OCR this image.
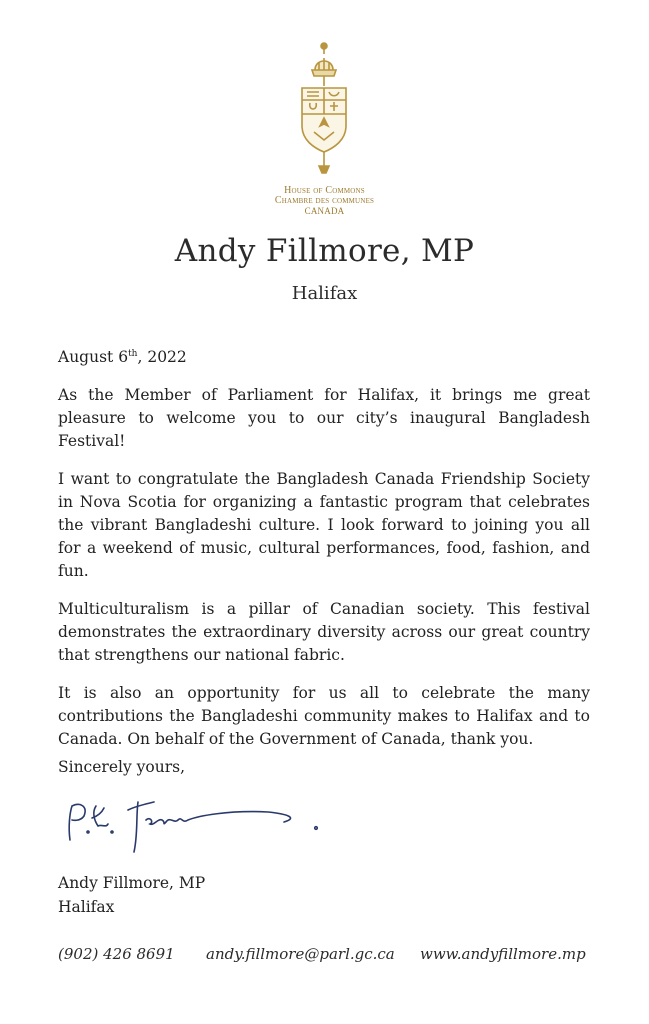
House of Commons
Chambre des communes
CANADA
Andy Fillmore, MP
Halifax

August 6th, 2022

As the Member of Parliament for Halifax, it brings me great pleasure to welcome you to our city’s inaugural Bangladesh Festival!

I want to congratulate the Bangladesh Canada Friendship Society in Nova Scotia for organizing a fantastic program that celebrates the vibrant Bangladeshi culture. I look forward to joining you all for a weekend of music, cultural performances, food, fashion, and fun.

Multiculturalism is a pillar of Canadian society. This festival demonstrates the extraordinary diversity across our great country that strengthens our national fabric.

It is also an opportunity for us all to celebrate the many contributions the Bangladeshi community makes to Halifax and to Canada. On behalf of the Government of Canada, thank you.

Sincerely yours,
Andy Fillmore, MP
Halifax
(902) 426 8691 andy.fillmore@parl.gc.ca www.andyfillmore.mp
